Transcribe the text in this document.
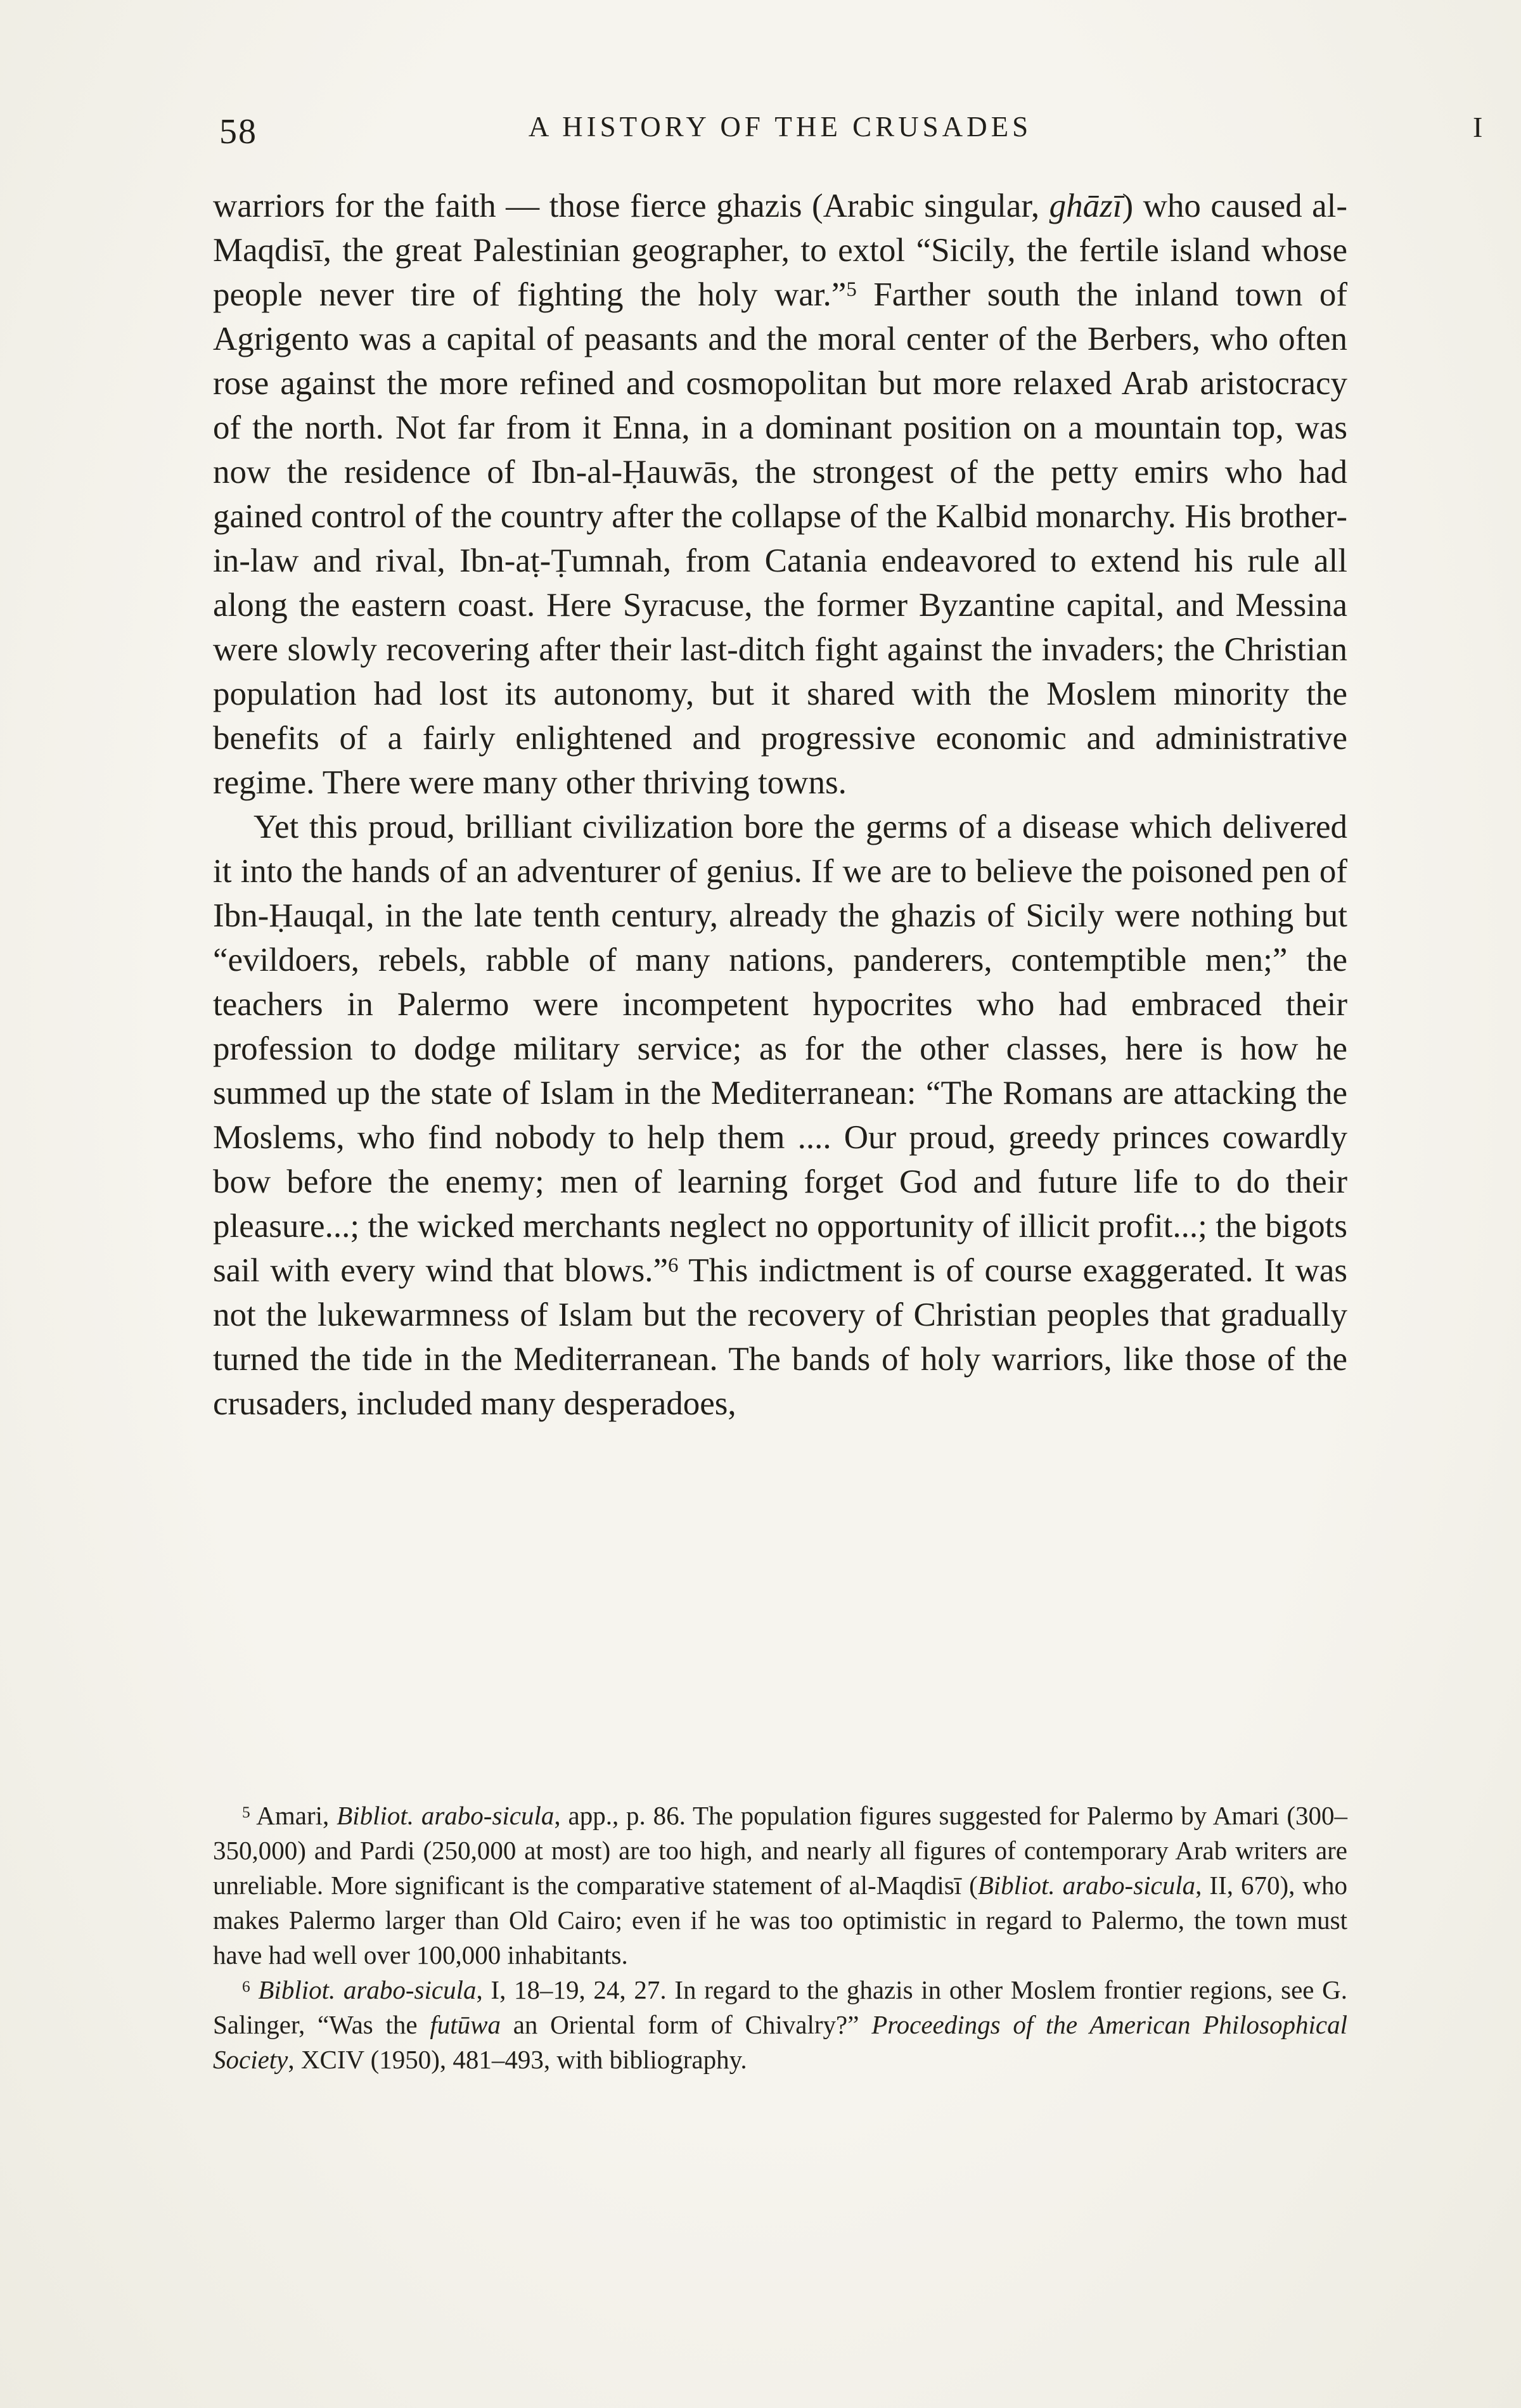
58	A HISTORY OF THE CRUSADES	I

warriors for the faith — those fierce ghazis (Arabic singular, ghāzī) who caused al-Maqdisī, the great Palestinian geographer, to extol “Sicily, the fertile island whose people never tire of fighting the holy war.”$^5$ Farther south the inland town of Agrigento was a capital of peasants and the moral center of the Berbers, who often rose against the more refined and cosmopolitan but more relaxed Arab aristocracy of the north. Not far from it Enna, in a dominant position on a mountain top, was now the residence of Ibn-al-Ḥauwās, the strongest of the petty emirs who had gained control of the country after the collapse of the Kalbid monarchy. His brother-in-law and rival, Ibn-aṭ-Ṭumnah, from Catania endeavored to extend his rule all along the eastern coast. Here Syracuse, the former Byzantine capital, and Messina were slowly recovering after their last-ditch fight against the invaders; the Christian population had lost its autonomy, but it shared with the Moslem minority the benefits of a fairly enlightened and progressive economic and administrative regime. There were many other thriving towns.

Yet this proud, brilliant civilization bore the germs of a disease which delivered it into the hands of an adventurer of genius. If we are to believe the poisoned pen of Ibn-Ḥauqal, in the late tenth century, already the ghazis of Sicily were nothing but “evildoers, rebels, rabble of many nations, panderers, contemptible men;” the teachers in Palermo were incompetent hypocrites who had embraced their profession to dodge military service; as for the other classes, here is how he summed up the state of Islam in the Mediterranean: “The Romans are attacking the Moslems, who find nobody to help them .... Our proud, greedy princes cowardly bow before the enemy; men of learning forget God and future life to do their pleasure...; the wicked merchants neglect no opportunity of illicit profit...; the bigots sail with every wind that blows.”$^6$ This indictment is of course exaggerated. It was not the lukewarmness of Islam but the recovery of Christian peoples that gradually turned the tide in the Mediterranean. The bands of holy warriors, like those of the crusaders, included many desperadoes,

$^5$ Amari, Bibliot. arabo-sicula, app., p. 86. The population figures suggested for Palermo by Amari (300–350,000) and Pardi (250,000 at most) are too high, and nearly all figures of contemporary Arab writers are unreliable. More significant is the comparative statement of al-Maqdisī (Bibliot. arabo-sicula, II, 670), who makes Palermo larger than Old Cairo; even if he was too optimistic in regard to Palermo, the town must have had well over 100,000 inhabitants.

$^6$ Bibliot. arabo-sicula, I, 18–19, 24, 27. In regard to the ghazis in other Moslem frontier regions, see G. Salinger, “Was the futūwa an Oriental form of Chivalry?” Proceedings of the American Philosophical Society, XCIV (1950), 481–493, with bibliography.
